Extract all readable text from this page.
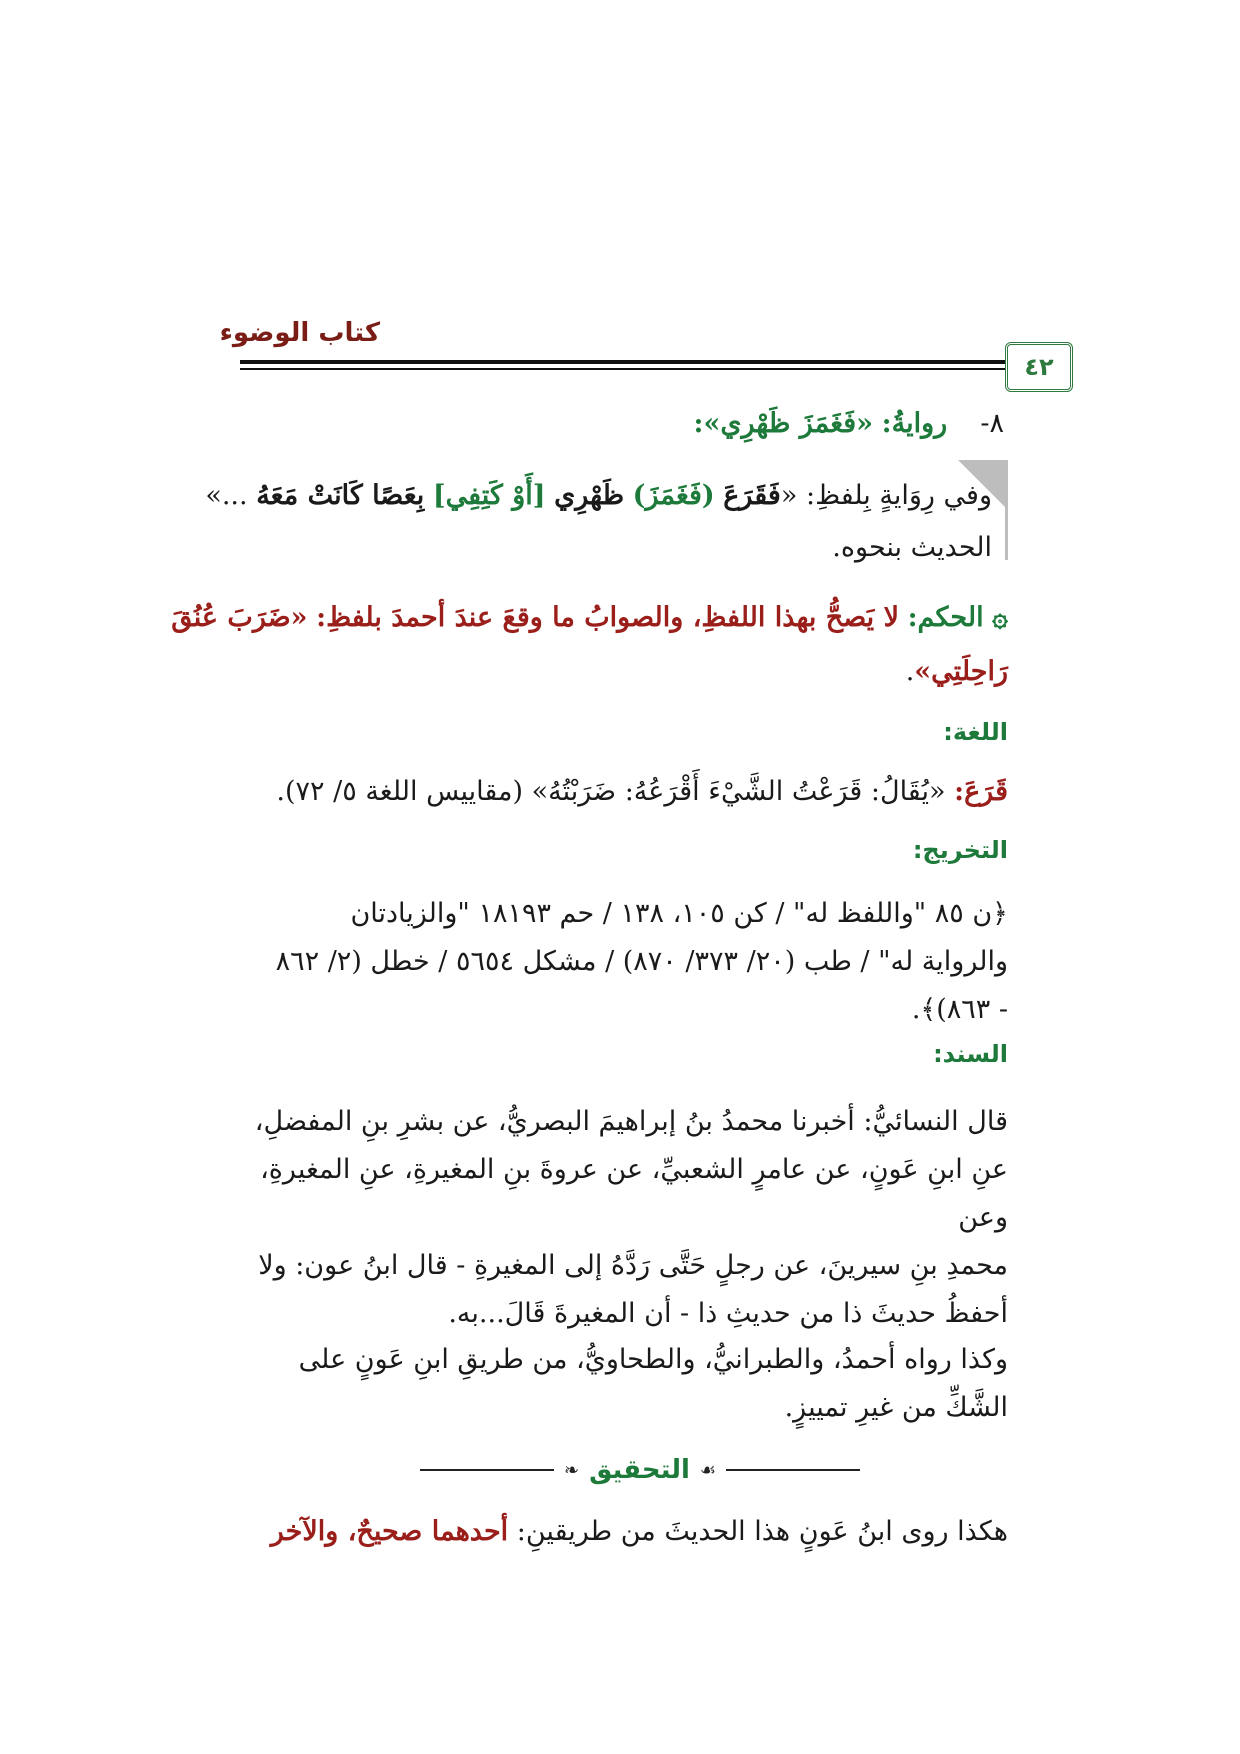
كتاب الوضوء
٤٢
٨-  روايةُ: «فَغَمَزَ ظَهْرِي»:
وفي رِوَايةٍ بِلفظِ: «فَقَرَعَ (فَغَمَزَ) ظَهْرِي [أَوْ كَتِفِي] بِعَصًا كَانَتْ مَعَهُ ...»
الحديث بنحوه.
۞ الحكم: لا يَصحُّ بهذا اللفظِ، والصوابُ ما وقعَ عندَ أحمدَ بلفظِ: «ضَرَبَ عُنُقَ
رَاحِلَتِي».
اللغة:
قَرَعَ: «يُقَالُ: قَرَعْتُ الشَّيْءَ أَقْرَعُهُ: ضَرَبْتُهُ» (مقاييس اللغة ٥/ ٧٢).
التخريج:
﴿ن ٨٥ "واللفظ له" / كن ١٠٥، ١٣٨ / حم ١٨١٩٣ "والزيادتان
والرواية له" / طب (٢٠/ ٣٧٣/ ٨٧٠) / مشكل ٥٦٥٤ / خطل (٢/ ٨٦٢
- ٨٦٣)﴾.
السند:
قال النسائيُّ: أخبرنا محمدُ بنُ إبراهيمَ البصريُّ، عن بشرِ بنِ المفضلِ،
عنِ ابنِ عَونٍ، عن عامرٍ الشعبيِّ، عن عروةَ بنِ المغيرةِ، عنِ المغيرةِ، وعن
محمدِ بنِ سيرينَ، عن رجلٍ حَتَّى رَدَّهُ إلى المغيرةِ - قال ابنُ عون: ولا
أحفظُ حديثَ ذا من حديثِ ذا - أن المغيرةَ قَالَ...به.
وكذا رواه أحمدُ، والطبرانيُّ، والطحاويُّ، من طريقِ ابنِ عَونٍ على
الشَّكِّ من غيرِ تمييزٍ.
❧ التحقيق ☙
هكذا روى ابنُ عَونٍ هذا الحديثَ من طريقينِ: أحدهما صحيحٌ، والآخر
